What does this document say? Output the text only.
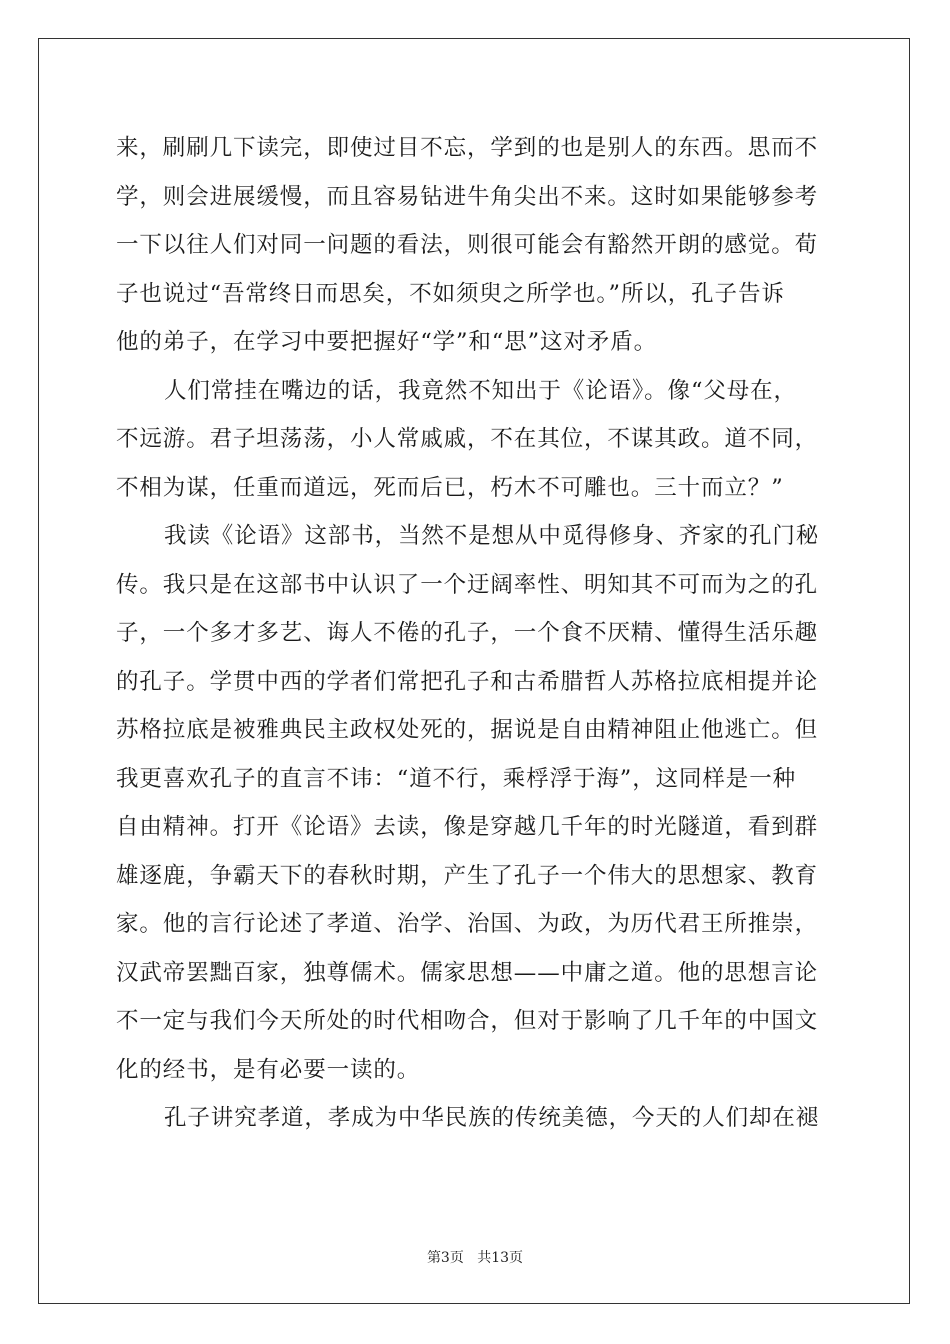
来，刷刷几下读完，即使过目不忘，学到的也是别人的东西。思而不
学，则会进展缓慢，而且容易钻进牛角尖出不来。这时如果能够参考
一下以往人们对同一问题的看法，则很可能会有豁然开朗的感觉。荀
子也说过“吾常终日而思矣，不如须臾之所学也。”所以，孔子告诉
他的弟子，在学习中要把握好“学”和“思”这对矛盾。
人们常挂在嘴边的话，我竟然不知出于《论语》。像“父母在，
不远游。君子坦荡荡，小人常戚戚，不在其位，不谋其政。道不同，
不相为谋，任重而道远，死而后已，朽木不可雕也。三十而立？”
我读《论语》这部书，当然不是想从中觅得修身、齐家的孔门秘
传。我只是在这部书中认识了一个迂阔率性、明知其不可而为之的孔
子，一个多才多艺、诲人不倦的孔子，一个食不厌精、懂得生活乐趣
的孔子。学贯中西的学者们常把孔子和古希腊哲人苏格拉底相提并论
苏格拉底是被雅典民主政权处死的，据说是自由精神阻止他逃亡。但
我更喜欢孔子的直言不讳：“道不行，乘桴浮于海”，这同样是一种
自由精神。打开《论语》去读，像是穿越几千年的时光隧道，看到群
雄逐鹿，争霸天下的春秋时期，产生了孔子一个伟大的思想家、教育
家。他的言行论述了孝道、治学、治国、为政，为历代君王所推崇，
汉武帝罢黜百家，独尊儒术。儒家思想——中庸之道。他的思想言论
不一定与我们今天所处的时代相吻合，但对于影响了几千年的中国文
化的经书，是有必要一读的。
孔子讲究孝道，孝成为中华民族的传统美德，今天的人们却在褪
第3页 共13页
